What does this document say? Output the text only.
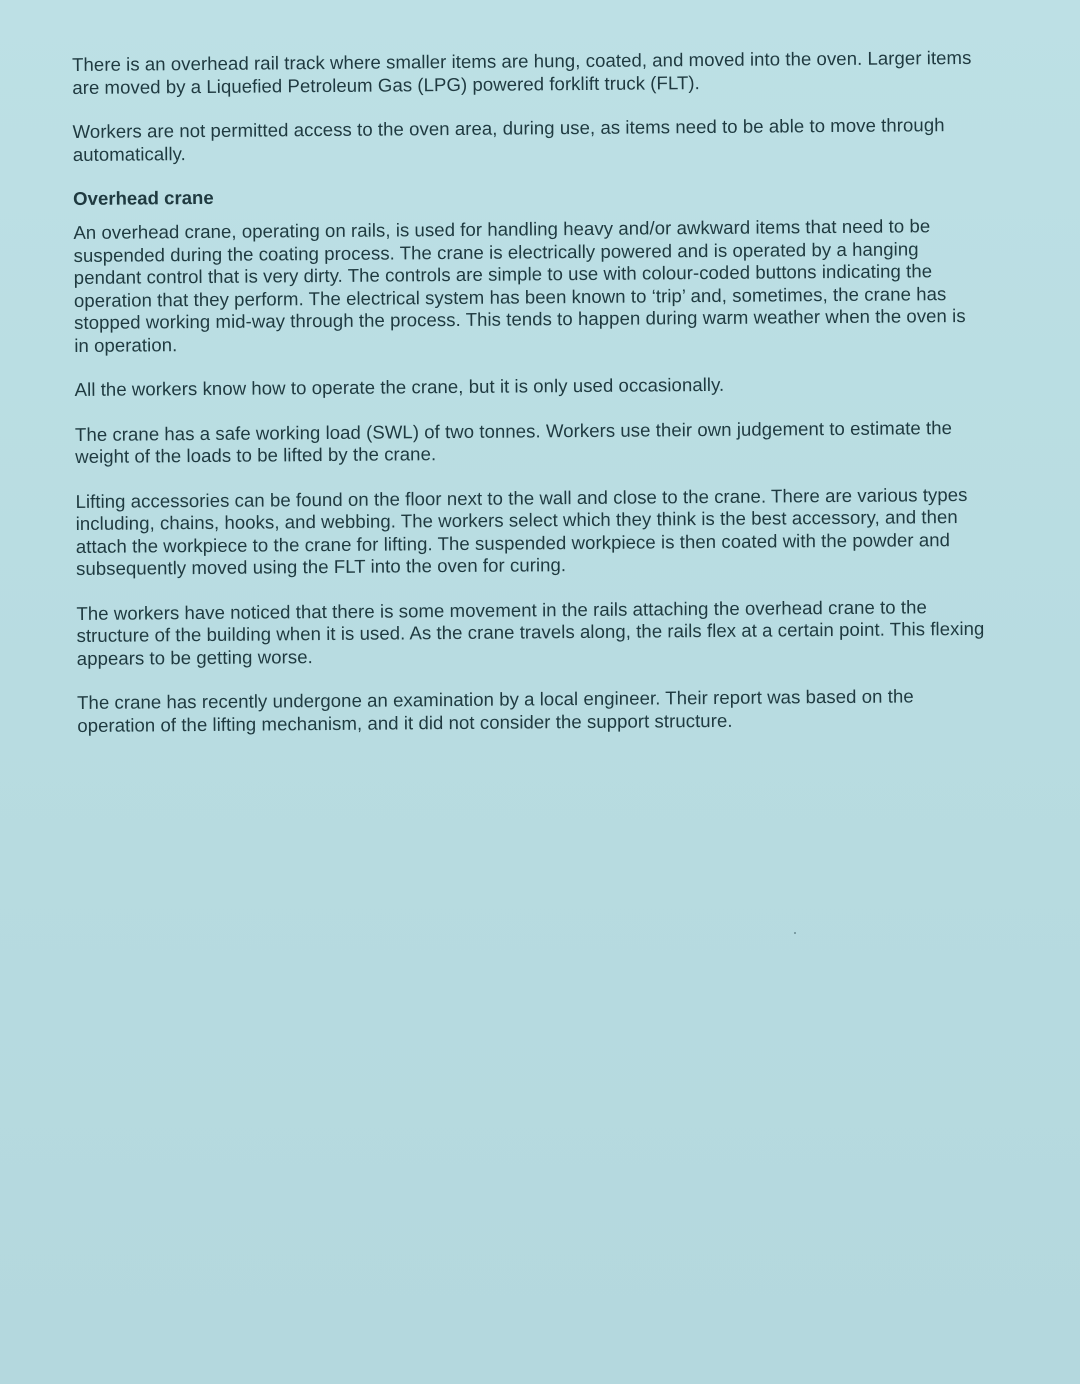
There is an overhead rail track where smaller items are hung, coated, and moved into the oven. Larger items are moved by a Liquefied Petroleum Gas (LPG) powered forklift truck (FLT).

Workers are not permitted access to the oven area, during use, as items need to be able to move through automatically.

Overhead crane

An overhead crane, operating on rails, is used for handling heavy and/or awkward items that need to be suspended during the coating process. The crane is electrically powered and is operated by a hanging pendant control that is very dirty. The controls are simple to use with colour-coded buttons indicating the operation that they perform. The electrical system has been known to ‘trip’ and, sometimes, the crane has stopped working mid-way through the process. This tends to happen during warm weather when the oven is in operation.

All the workers know how to operate the crane, but it is only used occasionally.

The crane has a safe working load (SWL) of two tonnes. Workers use their own judgement to estimate the weight of the loads to be lifted by the crane.

Lifting accessories can be found on the floor next to the wall and close to the crane. There are various types including, chains, hooks, and webbing. The workers select which they think is the best accessory, and then attach the workpiece to the crane for lifting. The suspended workpiece is then coated with the powder and subsequently moved using the FLT into the oven for curing.

The workers have noticed that there is some movement in the rails attaching the overhead crane to the structure of the building when it is used. As the crane travels along, the rails flex at a certain point. This flexing appears to be getting worse.

The crane has recently undergone an examination by a local engineer. Their report was based on the operation of the lifting mechanism, and it did not consider the support structure.
